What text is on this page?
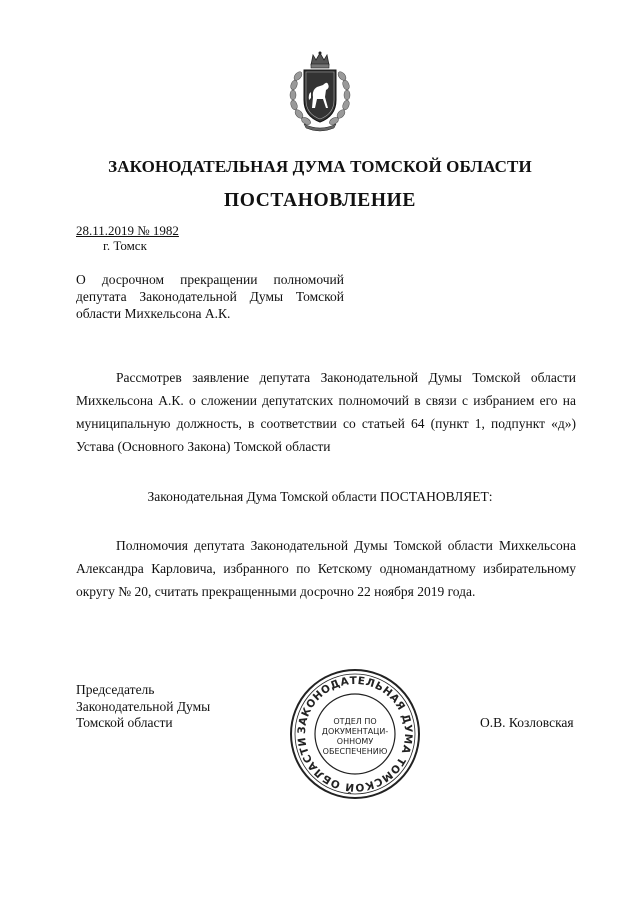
ЗАКОНОДАТЕЛЬНАЯ ДУМА ТОМСКОЙ ОБЛАСТИ
ПОСТАНОВЛЕНИЕ
28.11.2019 № 1982
г. Томск
О досрочном прекращении полномочий депутата Законодательной Думы Томской области Михкельсона А.К.
Рассмотрев заявление депутата Законодательной Думы Томской области Михкельсона А.К. о сложении депутатских полномочий в связи с избранием его на муниципальную должность, в соответствии со статьей 64 (пункт 1, подпункт «д») Устава (Основного Закона) Томской области
Законодательная Дума Томской области ПОСТАНОВЛЯЕТ:
Полномочия депутата Законодательной Думы Томской области Михкельсона Александра Карловича, избранного по Кетскому одномандатному избирательному округу № 20, считать прекращенными досрочно 22 ноября 2019 года.
Председатель
Законодательной Думы
Томской области	О.В. Козловская
ЗАКОНОДАТЕЛЬНАЯ ДУМА ТОМСКОЙ ОБЛАСТИ
ОТДЕЛ ПО
ДОКУМЕНТАЦИ-
ОННОМУ
ОБЕСПЕЧЕНИЮ
